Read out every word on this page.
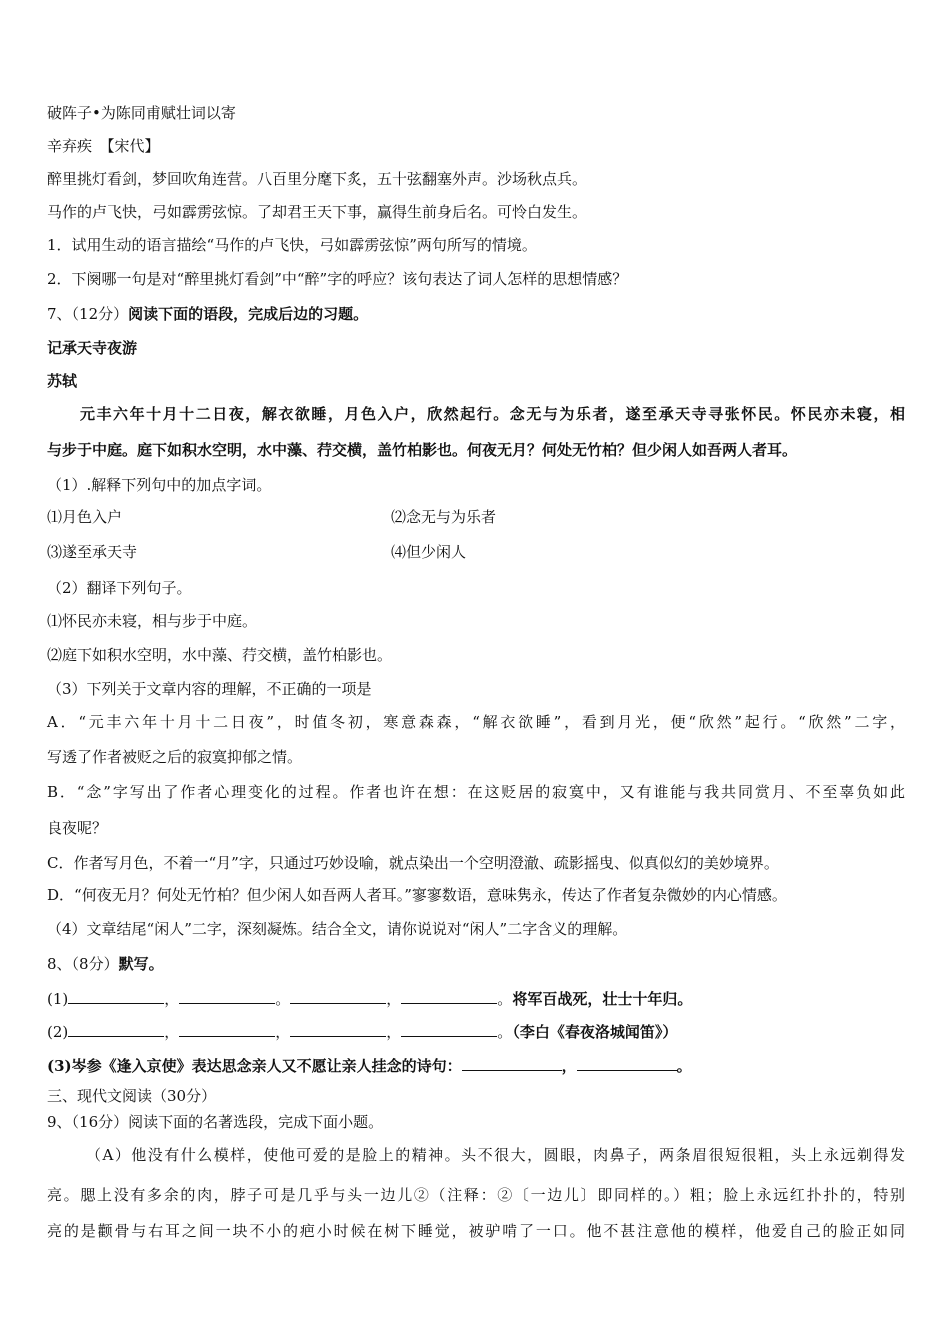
破阵子•为陈同甫赋壮词以寄
辛弃疾　【宋代】
醉里挑灯看剑，梦回吹角连营。八百里分麾下炙，五十弦翻塞外声。沙场秋点兵。
马作的卢飞快，弓如霹雳弦惊。了却君王天下事，赢得生前身后名。可怜白发生。
1．试用生动的语言描绘“马作的卢飞快，弓如霹雳弦惊”两句所写的情境。
2．下阕哪一句是对“醉里挑灯看剑”中“醉”字的呼应？该句表达了词人怎样的思想情感？
7、（12分）阅读下面的语段，完成后边的习题。
记承天寺夜游
苏轼
元丰六年十月十二日夜，解衣欲睡，月色入户，欣然起行。念无与为乐者，遂至承天寺寻张怀民。怀民亦未寝，相
与步于中庭。庭下如积水空明，水中藻、荇交横，盖竹柏影也。何夜无月？何处无竹柏？但少闲人如吾两人者耳。
（1）.解释下列句中的加点字词。
⑴月色入户	⑵念无与为乐者
⑶遂至承天寺	⑷但少闲人
（2）翻译下列句子。
⑴怀民亦未寝，相与步于中庭。
⑵庭下如积水空明，水中藻、荇交横，盖竹柏影也。
（3）下列关于文章内容的理解，不正确的一项是
A．“元丰六年十月十二日夜”，时值冬初，寒意森森，“解衣欲睡”，看到月光，便“欣然”起行。“欣然”二字，
写透了作者被贬之后的寂寞抑郁之情。
B．“念”字写出了作者心理变化的过程。作者也许在想：在这贬居的寂寞中，又有谁能与我共同赏月、不至辜负如此
良夜呢？
C．作者写月色，不着一“月”字，只通过巧妙设喻，就点染出一个空明澄澈、疏影摇曳、似真似幻的美妙境界。
D．“何夜无月？何处无竹柏？但少闲人如吾两人者耳。”寥寥数语，意味隽永，传达了作者复杂微妙的内心情感。
（4）文章结尾“闲人”二字，深刻凝炼。结合全文，请你说说对“闲人”二字含义的理解。
8、（8分）默写。
(1)	，	。	，	。将军百战死，壮士十年归。
(2)	，	，	，	。（李白《春夜洛城闻笛》）
(3)岑参《逢入京使》表达思念亲人又不愿让亲人挂念的诗句：	，	。
三、现代文阅读（30分）
9、（16分）阅读下面的名著选段，完成下面小题。
（A）他没有什么模样，使他可爱的是脸上的精神。头不很大，圆眼，肉鼻子，两条眉很短很粗，头上永远剃得发
亮。腮上没有多余的肉，脖子可是几乎与头一边儿②（注释：②〔一边儿〕即同样的。）粗；脸上永远红扑扑的，特别
亮的是颧骨与右耳之间一块不小的疤小时候在树下睡觉，被驴啃了一口。他不甚注意他的模样，他爱自己的脸正如同
